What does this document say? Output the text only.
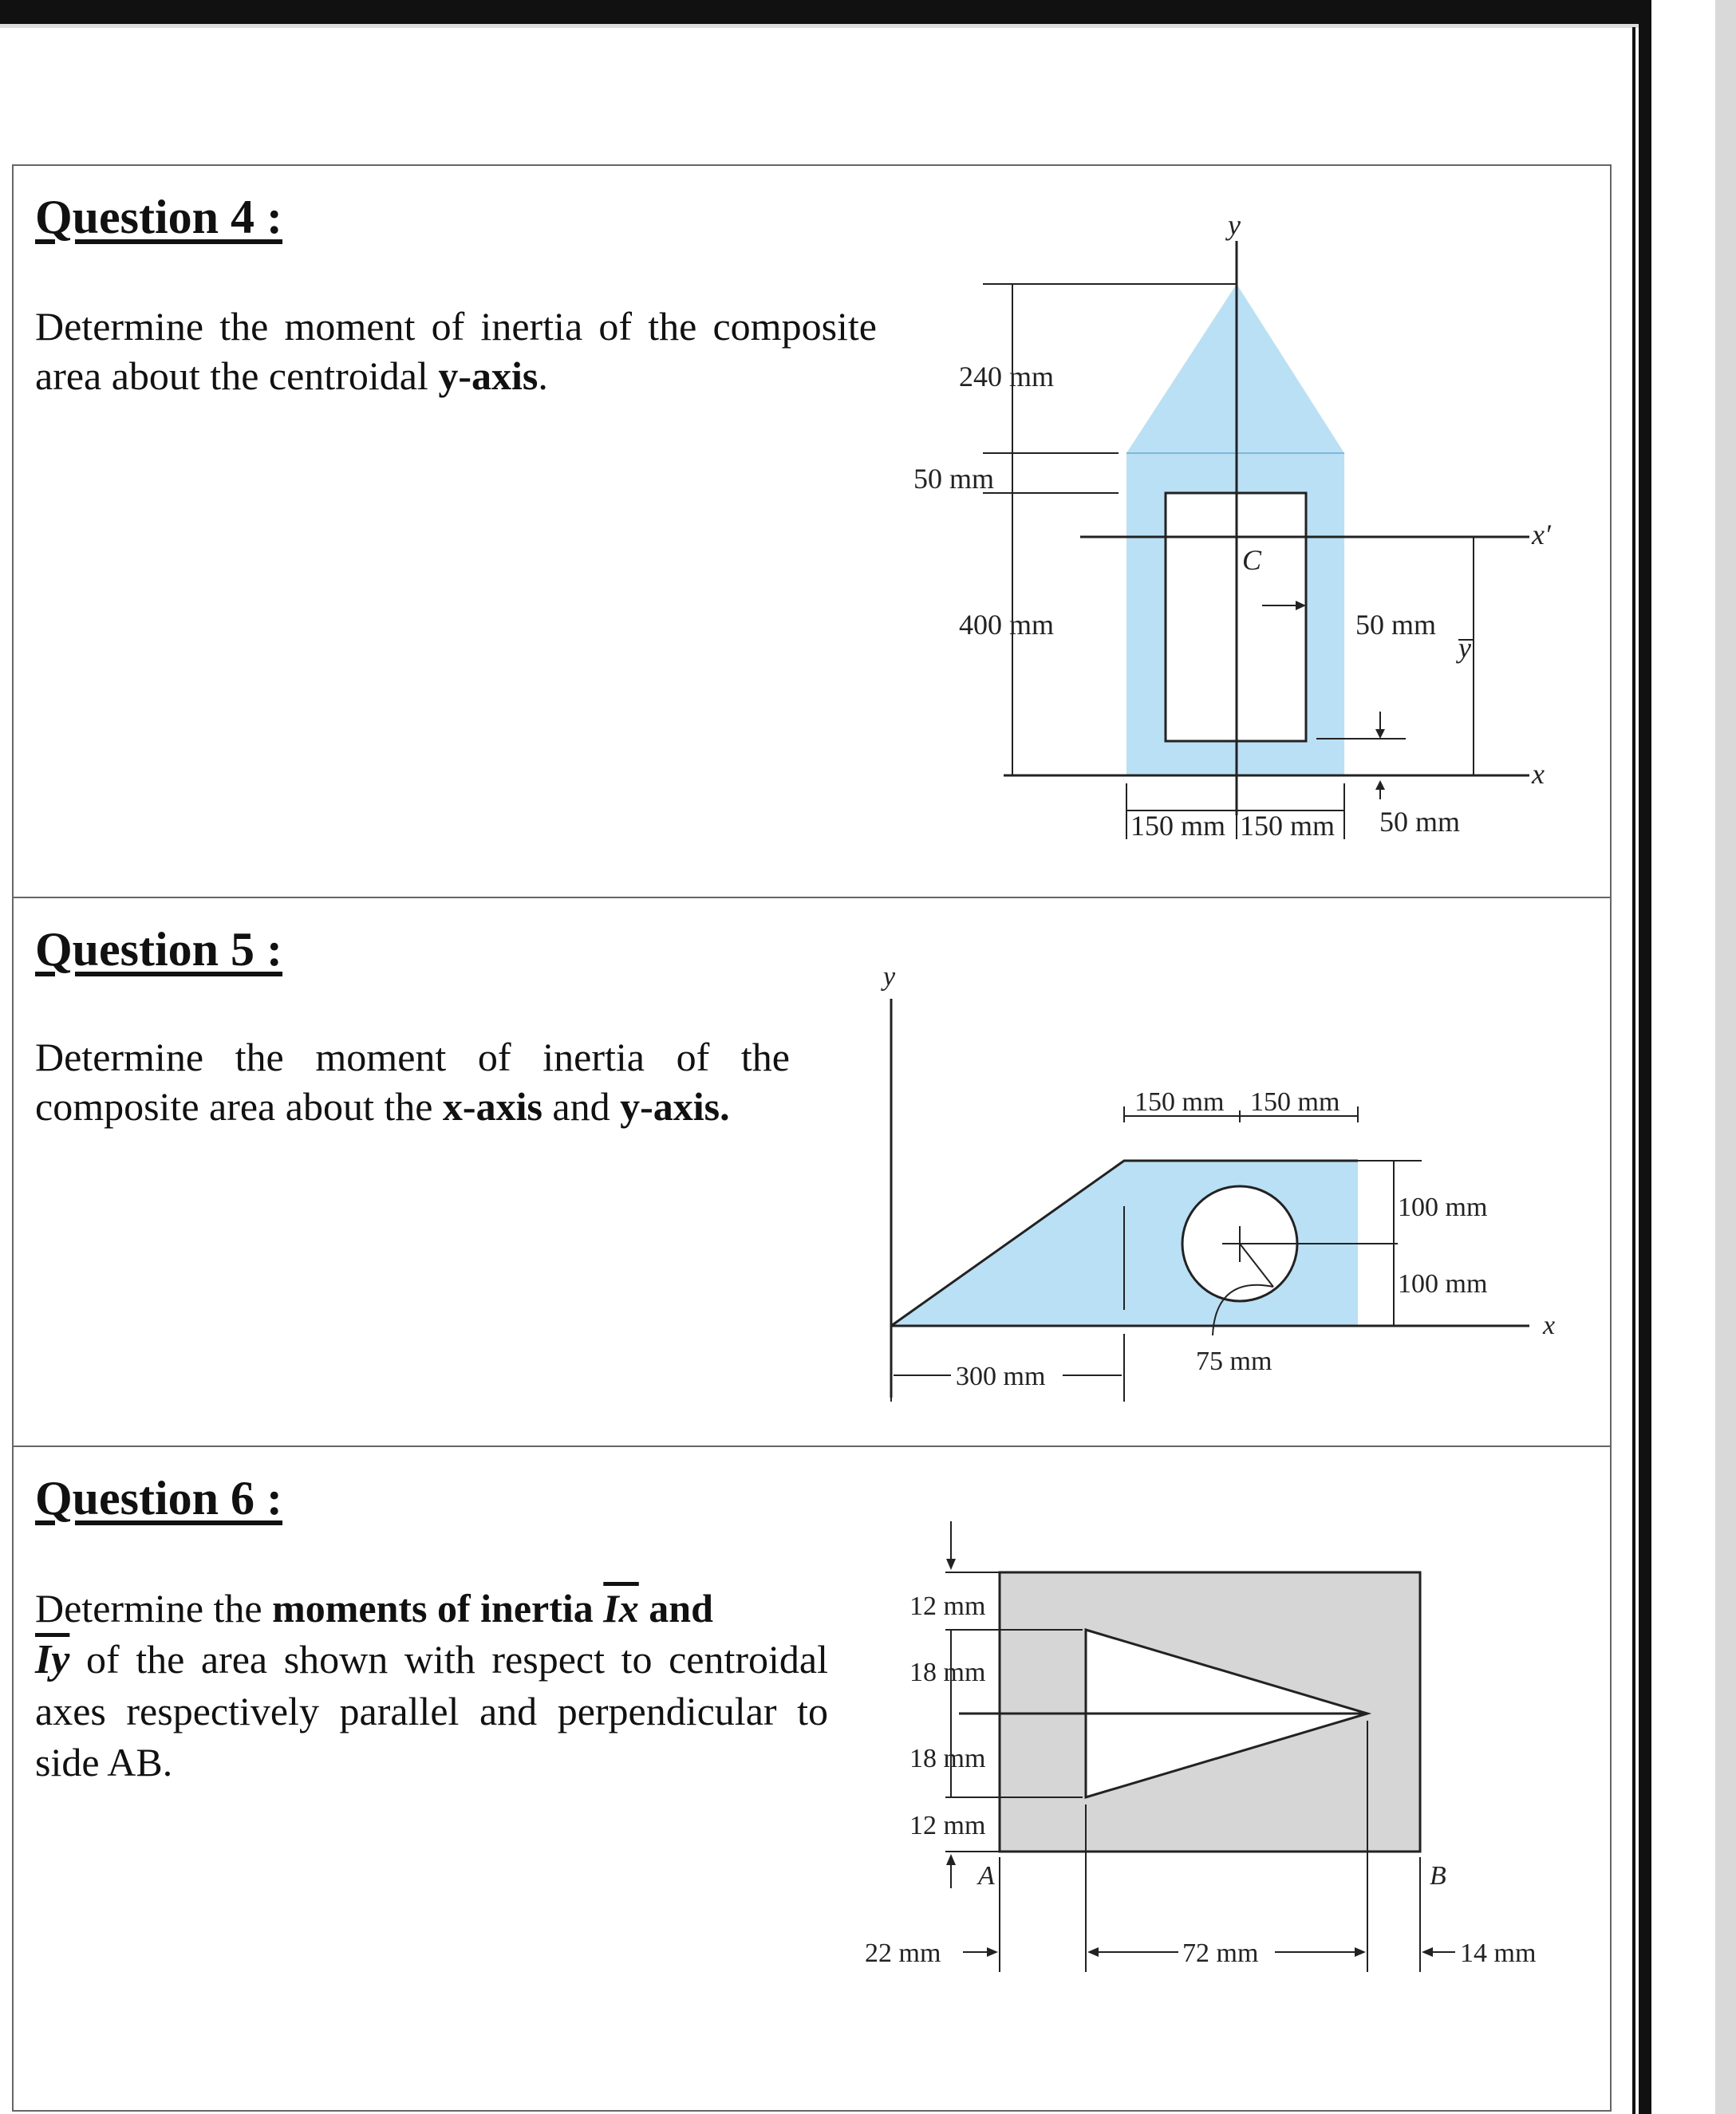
Question 4 :
Determine the moment of inertia of the composite area about the centroidal y-axis.
y
x′
x
C
y
240 mm
50 mm
400 mm	50 mm
150 mm 150 mm 50 mm
Question 5 :
Determine the moment of inertia of the composite area about the x-axis and y-axis.
y
x
150 mm 150 mm
100 mm
100 mm
300 mm
75 mm
Question 6 :
Determine the moments of inertia $\overline{Ix}$ and
$\overline{Iy}$ of the area shown with respect to centroidal axes respectively parallel and perpendicular to side AB.
12 mm
18 mm
18 mm
12 mm
A	B
22 mm	72 mm	14 mm
